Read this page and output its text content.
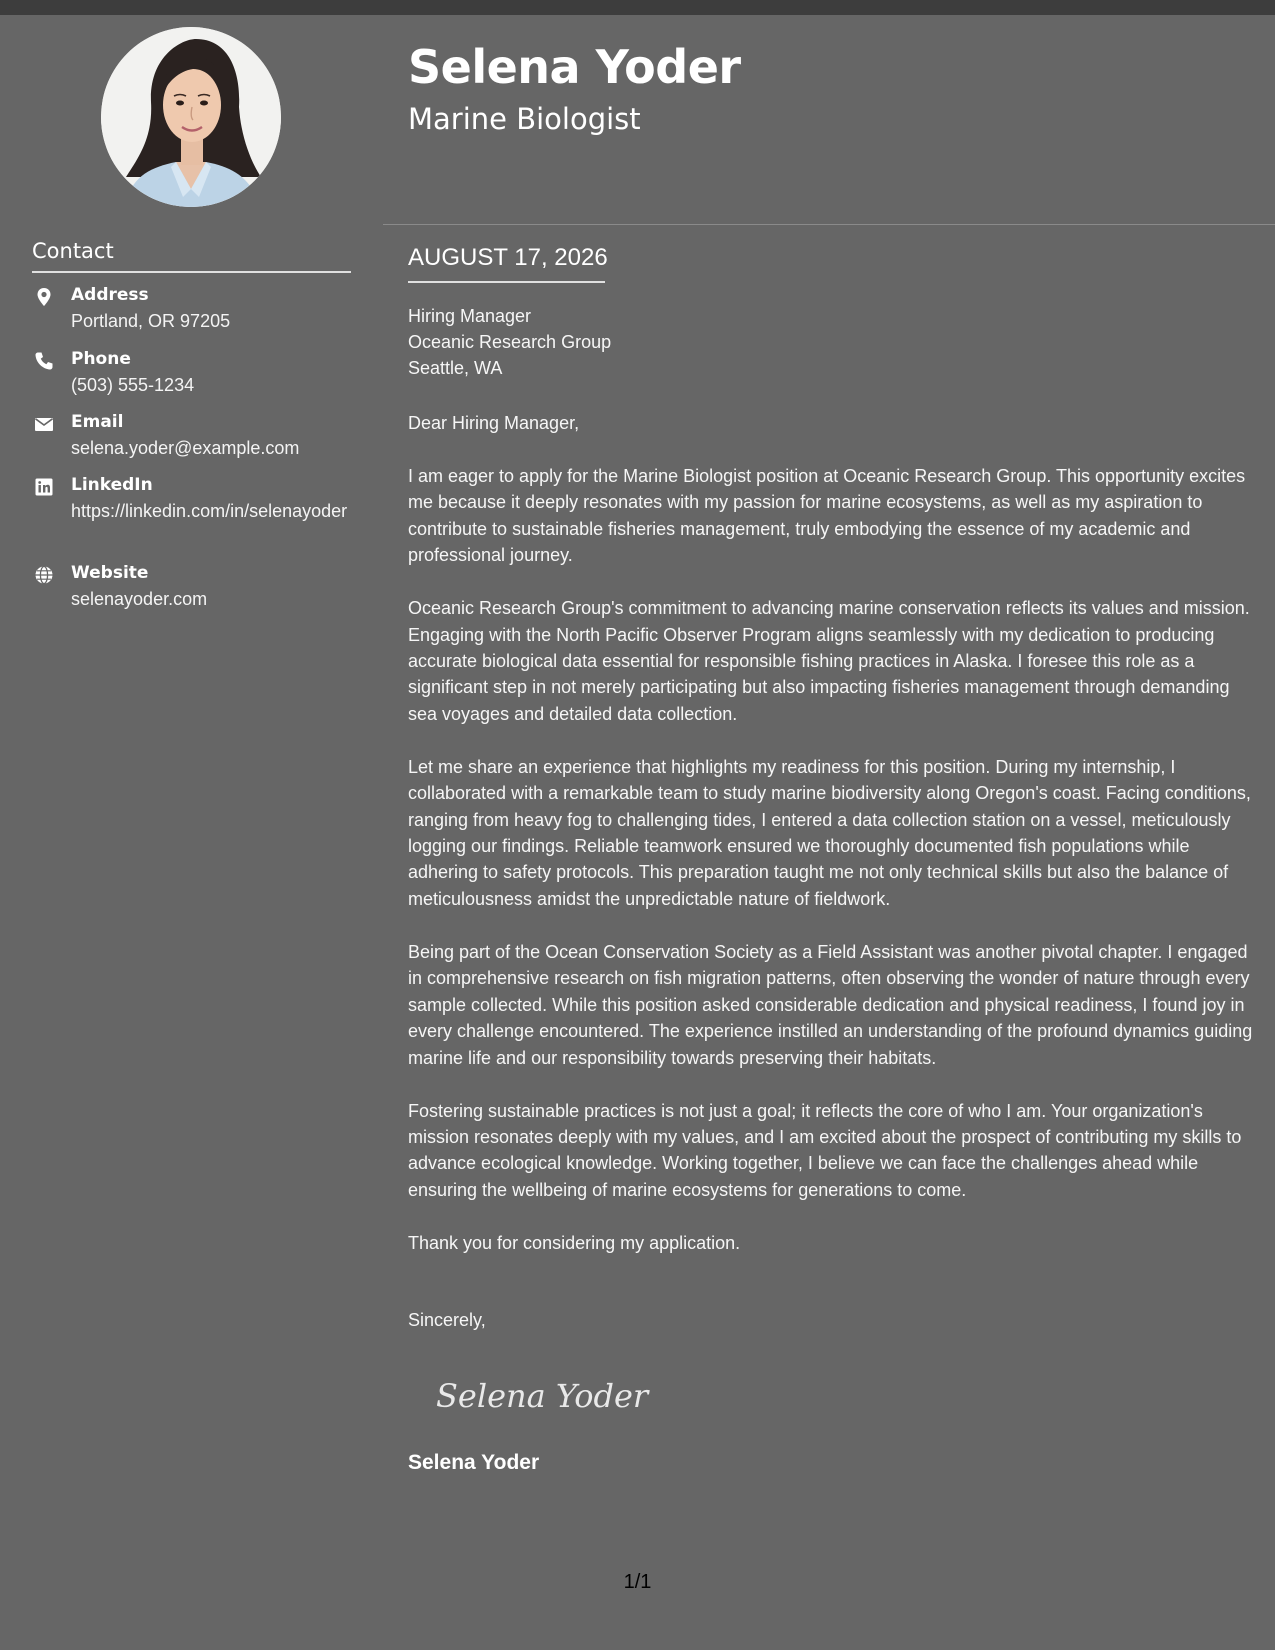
Selena Yoder
Marine Biologist
Contact
Address
Portland, OR 97205
Phone
(503) 555-1234
Email
selena.yoder@example.com
LinkedIn
https://linkedin.com/in/selenayoder
Website
selenayoder.com
AUGUST 17, 2026
Hiring Manager
Oceanic Research Group
Seattle, WA
Dear Hiring Manager,

I am eager to apply for the Marine Biologist position at Oceanic Research Group. This opportunity excites me because it deeply resonates with my passion for marine ecosystems, as well as my aspiration to contribute to sustainable fisheries management, truly embodying the essence of my academic and professional journey.

Oceanic Research Group's commitment to advancing marine conservation reflects its values and mission. Engaging with the North Pacific Observer Program aligns seamlessly with my dedication to producing accurate biological data essential for responsible fishing practices in Alaska. I foresee this role as a significant step in not merely participating but also impacting fisheries management through demanding sea voyages and detailed data collection.

Let me share an experience that highlights my readiness for this position. During my internship, I collaborated with a remarkable team to study marine biodiversity along Oregon's coast. Facing conditions, ranging from heavy fog to challenging tides, I entered a data collection station on a vessel, meticulously logging our findings. Reliable teamwork ensured we thoroughly documented fish populations while adhering to safety protocols. This preparation taught me not only technical skills but also the balance of meticulousness amidst the unpredictable nature of fieldwork.

Being part of the Ocean Conservation Society as a Field Assistant was another pivotal chapter. I engaged in comprehensive research on fish migration patterns, often observing the wonder of nature through every sample collected. While this position asked considerable dedication and physical readiness, I found joy in every challenge encountered. The experience instilled an understanding of the profound dynamics guiding marine life and our responsibility towards preserving their habitats.

Fostering sustainable practices is not just a goal; it reflects the core of who I am. Your organization's mission resonates deeply with my values, and I am excited about the prospect of contributing my skills to advance ecological knowledge. Working together, I believe we can face the challenges ahead while ensuring the wellbeing of marine ecosystems for generations to come.

Thank you for considering my application.

Sincerely,
Selena Yoder
Selena Yoder
1/1
